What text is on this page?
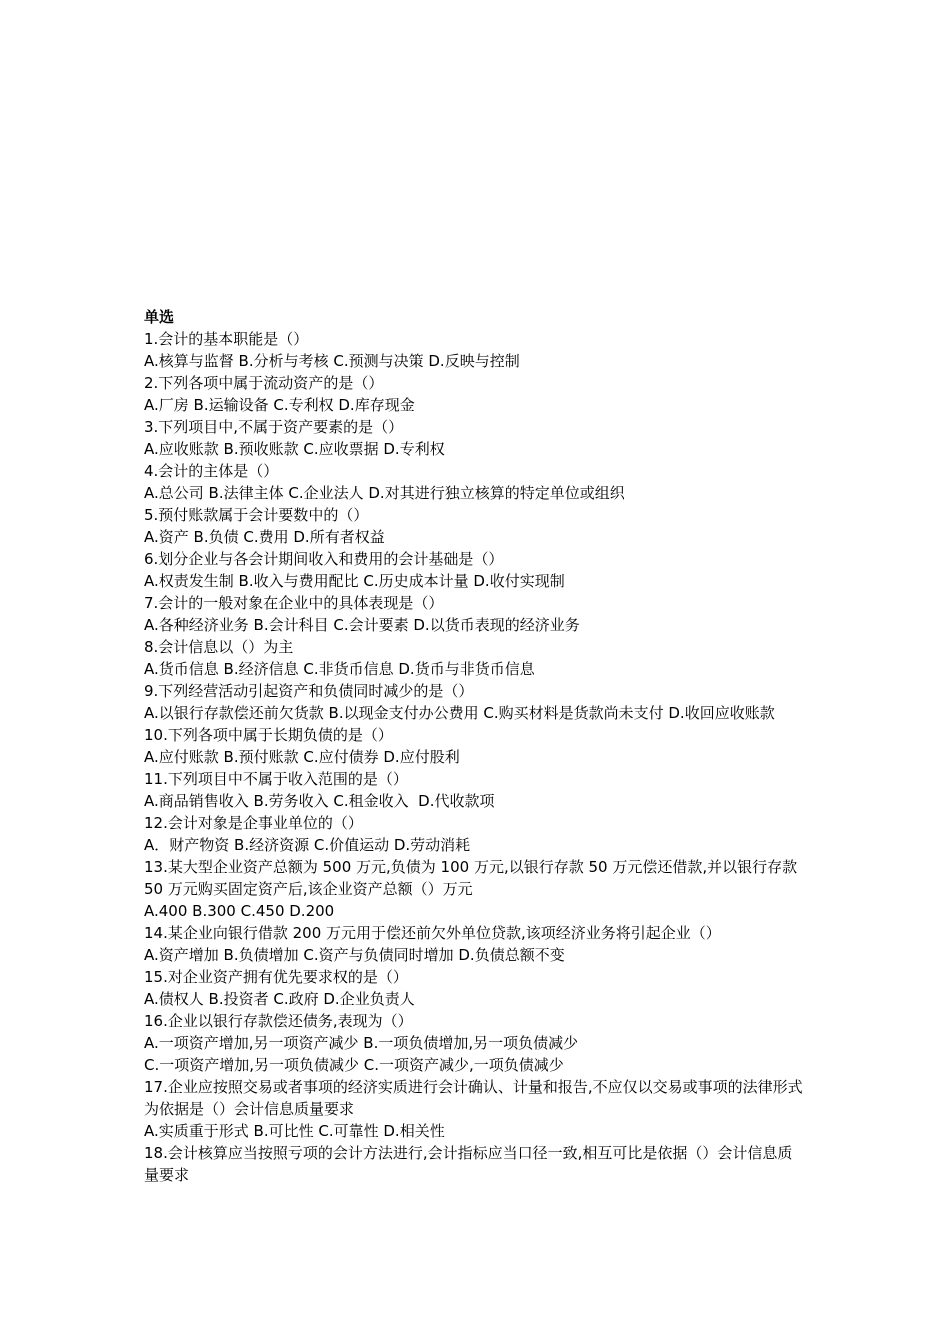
单选

1.会计的基本职能是（）

A.核算与监督 B.分析与考核 C.预测与决策 D.反映与控制

2.下列各项中属于流动资产的是（）

A.厂房 B.运输设备 C.专利权 D.库存现金

3.下列项目中,不属于资产要素的是（）

A.应收账款 B.预收账款 C.应收票据 D.专利权

4.会计的主体是（）

A.总公司 B.法律主体 C.企业法人 D.对其进行独立核算的特定单位或组织

5.预付账款属于会计要数中的（）

A.资产 B.负债 C.费用 D.所有者权益

6.划分企业与各会计期间收入和费用的会计基础是（）

A.权责发生制 B.收入与费用配比 C.历史成本计量 D.收付实现制

7.会计的一般对象在企业中的具体表现是（）

A.各种经济业务 B.会计科目 C.会计要素 D.以货币表现的经济业务

8.会计信息以（）为主

A.货币信息 B.经济信息 C.非货币信息 D.货币与非货币信息

9.下列经营活动引起资产和负债同时减少的是（）

A.以银行存款偿还前欠货款 B.以现金支付办公费用 C.购买材料是货款尚未支付 D.收回应收账款

10.下列各项中属于长期负债的是（）

A.应付账款 B.预付账款 C.应付债券 D.应付股利

11.下列项目中不属于收入范围的是（）

A.商品销售收入 B.劳务收入 C.租金收入  D.代收款项

12.会计对象是企事业单位的（）

A．财产物资 B.经济资源 C.价值运动 D.劳动消耗

13.某大型企业资产总额为 500 万元,负债为 100 万元,以银行存款 50 万元偿还借款,并以银行存款 50 万元购买固定资产后,该企业资产总额（）万元

A.400 B.300 C.450 D.200

14.某企业向银行借款 200 万元用于偿还前欠外单位贷款,该项经济业务将引起企业（）

A.资产增加 B.负债增加 C.资产与负债同时增加 D.负债总额不变

15.对企业资产拥有优先要求权的是（）

A.债权人 B.投资者 C.政府 D.企业负责人

16.企业以银行存款偿还债务,表现为（）

A.一项资产增加,另一项资产减少 B.一项负债增加,另一项负债减少

C.一项资产增加,另一项负债减少 C.一项资产减少,一项负债减少

17.企业应按照交易或者事项的经济实质进行会计确认、计量和报告,不应仅以交易或事项的法律形式为依据是（）会计信息质量要求

A.实质重于形式 B.可比性 C.可靠性 D.相关性

18.会计核算应当按照亏项的会计方法进行,会计指标应当口径一致,相互可比是依据（）会计信息质量要求
